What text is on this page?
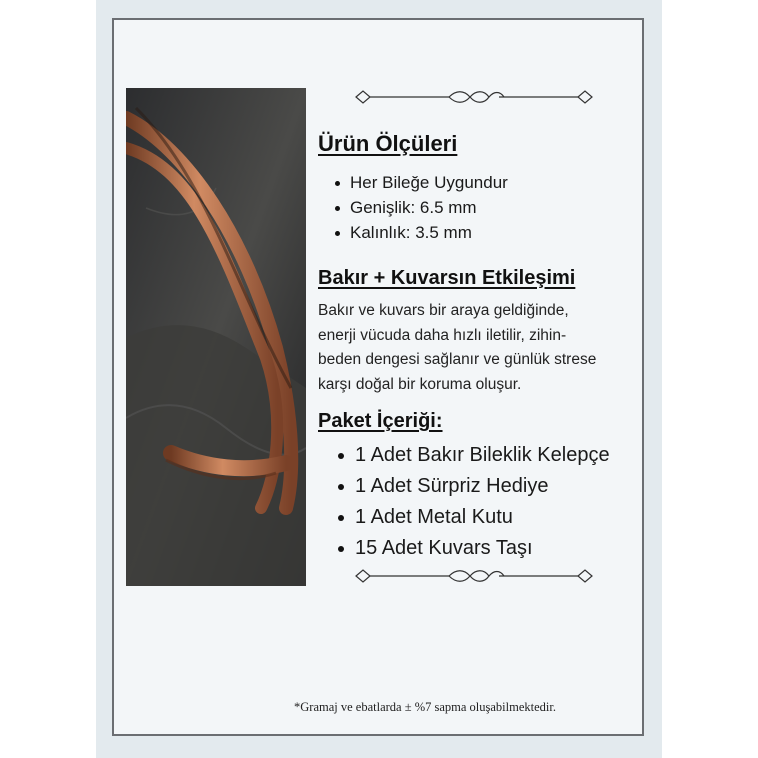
Ürün Ölçüleri
Her Bileğe Uygundur
Genişlik: 6.5 mm
Kalınlık: 3.5 mm
Bakır + Kuvarsın Etkileşimi

Bakır ve kuvars bir araya geldiğinde,
enerji vücuda daha hızlı iletilir, zihin-
beden dengesi sağlanır ve günlük strese
karşı doğal bir koruma oluşur.

Paket İçeriği:
1 Adet Bakır Bileklik Kelepçe
1 Adet Sürpriz Hediye
1 Adet Metal Kutu
15 Adet Kuvars Taşı

*Gramaj ve ebatlarda ± %7 sapma oluşabilmektedir.
